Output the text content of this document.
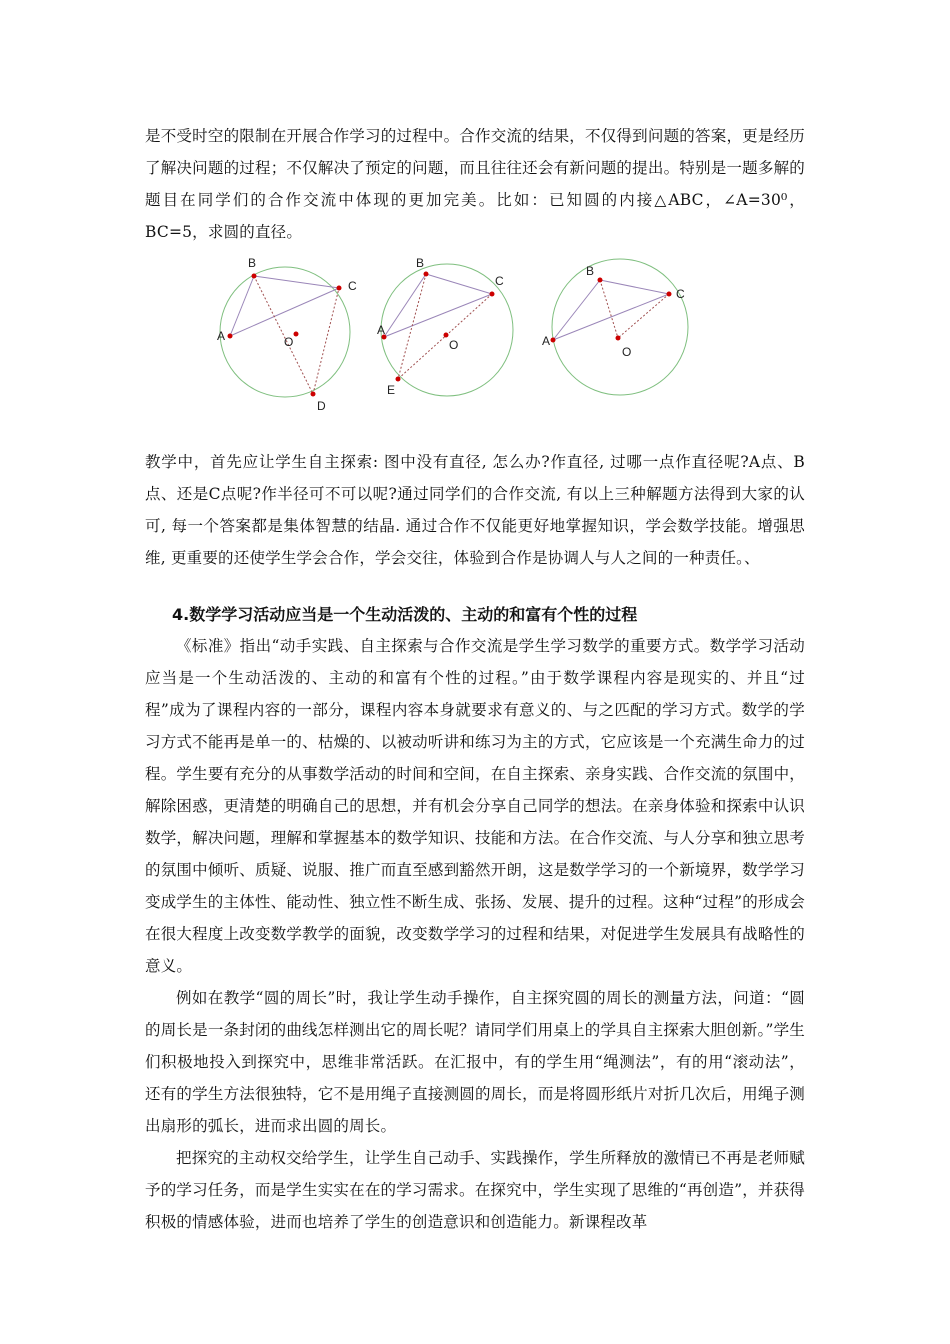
是不受时空的限制在开展合作学习的过程中。合作交流的结果，不仅得到问题的答案，更是经历了解决问题的过程；不仅解决了预定的问题，而且往往还会有新问题的提出。特别是一题多解的题目在同学们的合作交流中体现的更加完美。比如：已知圆的内接△ABC，∠A=30⁰，BC=5，求圆的直径。

A
B
C
O
D
A
B
C
O
E
A
B
C
O

教学中，首先应让学生自主探索: 图中没有直径, 怎么办?作直径, 过哪一点作直径呢?A点、B点、还是C点呢?作半径可不可以呢?通过同学们的合作交流, 有以上三种解题方法得到大家的认可, 每一个答案都是集体智慧的结晶. 通过合作不仅能更好地掌握知识，学会数学技能。增强思维, 更重要的还使学生学会合作，学会交往，体验到合作是协调人与人之间的一种责任。、

4.数学学习活动应当是一个生动活泼的、主动的和富有个性的过程

《标准》指出“动手实践、自主探索与合作交流是学生学习数学的重要方式。数学学习活动应当是一个生动活泼的、主动的和富有个性的过程。”由于数学课程内容是现实的、并且“过程”成为了课程内容的一部分，课程内容本身就要求有意义的、与之匹配的学习方式。数学的学习方式不能再是单一的、枯燥的、以被动听讲和练习为主的方式，它应该是一个充满生命力的过程。学生要有充分的从事数学活动的时间和空间，在自主探索、亲身实践、合作交流的氛围中，解除困惑，更清楚的明确自己的思想，并有机会分享自己同学的想法。在亲身体验和探索中认识数学，解决问题，理解和掌握基本的数学知识、技能和方法。在合作交流、与人分享和独立思考的氛围中倾听、质疑、说服、推广而直至感到豁然开朗，这是数学学习的一个新境界，数学学习变成学生的主体性、能动性、独立性不断生成、张扬、发展、提升的过程。这种“过程”的形成会在很大程度上改变数学教学的面貌，改变数学学习的过程和结果，对促进学生发展具有战略性的意义。

例如在教学“圆的周长”时，我让学生动手操作，自主探究圆的周长的测量方法，问道：“圆的周长是一条封闭的曲线怎样测出它的周长呢？请同学们用桌上的学具自主探索大胆创新。”学生们积极地投入到探究中，思维非常活跃。在汇报中，有的学生用“绳测法”，有的用“滚动法”，还有的学生方法很独特，它不是用绳子直接测圆的周长，而是将圆形纸片对折几次后，用绳子测出扇形的弧长，进而求出圆的周长。

把探究的主动权交给学生，让学生自己动手、实践操作，学生所释放的激情已不再是老师赋予的学习任务，而是学生实实在在的学习需求。在探究中，学生实现了思维的“再创造”，并获得积极的情感体验，进而也培养了学生的创造意识和创造能力。新课程改革
